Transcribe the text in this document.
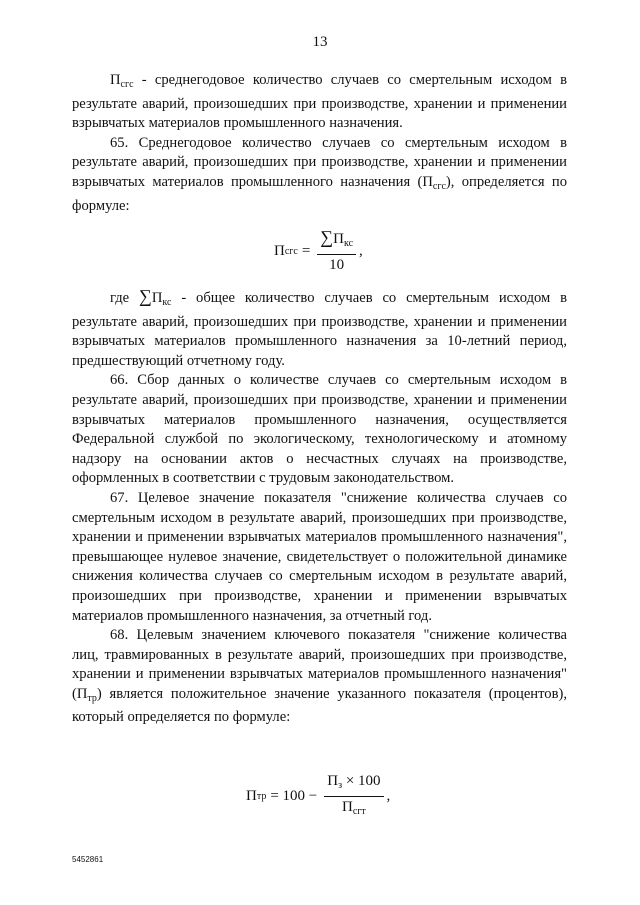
13

$П_{сгс}$ - среднегодовое количество случаев со смертельным исходом в результате аварий, произошедших при производстве, хранении и применении взрывчатых материалов промышленного назначения.

65. Среднегодовое количество случаев со смертельным исходом в результате аварий, произошедших при производстве, хранении и применении взрывчатых материалов промышленного назначения $(П_{сгс})$, определяется по формуле:

П сгс = $\frac{\sum П_{кс}}{10}$ ,

где $\sum П_{кс}$ - общее количество случаев со смертельным исходом в результате аварий, произошедших при производстве, хранении и применении взрывчатых материалов промышленного назначения за 10-летний период, предшествующий отчетному году.

66. Сбор данных о количестве случаев со смертельным исходом в результате аварий, произошедших при производстве, хранении и применении взрывчатых материалов промышленного назначения, осуществляется Федеральной службой по экологическому, технологическому и атомному надзору на основании актов о несчастных случаях на производстве, оформленных в соответствии с трудовым законодательством.

67. Целевое значение показателя "снижение количества случаев со смертельным исходом в результате аварий, произошедших при производстве, хранении и применении взрывчатых материалов промышленного назначения", превышающее нулевое значение, свидетельствует о положительной динамике снижения количества случаев со смертельным исходом в результате аварий, произошедших при производстве, хранении и применении взрывчатых материалов промышленного назначения, за отчетный год.

68. Целевым значением ключевого показателя "снижение количества лиц, травмированных в результате аварий, произошедших при производстве, хранении и применении взрывчатых материалов промышленного назначения" $(П_{тр})$ является положительное значение указанного показателя (процентов), который определяется по формуле:

П тр = $100 - \frac{П_з \times 100}{П_{сгт}}$ ,
5452861
